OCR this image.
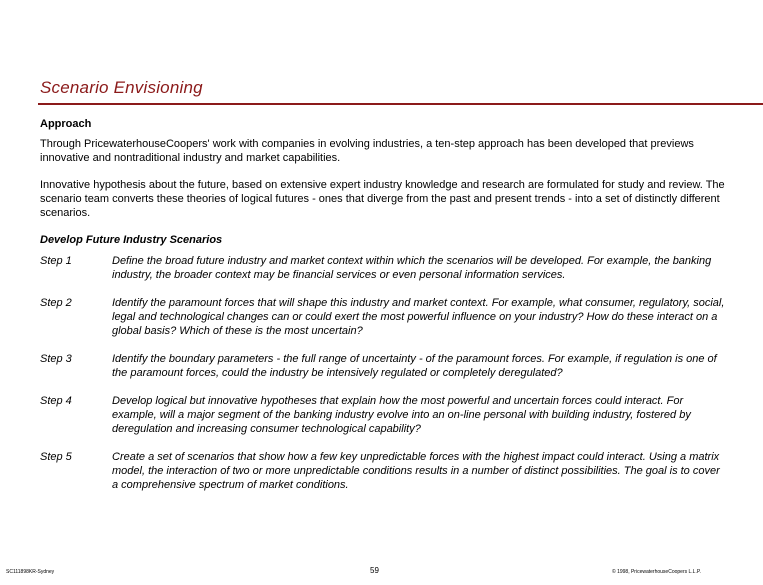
Scenario Envisioning
Approach

Through PricewaterhouseCoopers' work with companies in evolving industries, a ten-step approach has been developed that previews innovative and nontraditional industry and market capabilities.

Innovative hypothesis about the future, based on extensive expert industry knowledge and research are formulated for study and review. The scenario team converts these theories of logical futures - ones that diverge from the past and present trends - into a set of distinctly different scenarios.

Develop Future Industry Scenarios
Step 1	Define the broad future industry and market context within which the scenarios will be developed. For example, the banking industry, the broader context may be financial services or even personal information services.
Step 2	Identify the paramount forces that will shape this industry and market context. For example, what consumer, regulatory, social, legal and technological changes can or could exert the most powerful influence on your industry? How do these interact on a global basis? Which of these is the most uncertain?
Step 3	Identify the boundary parameters - the full range of uncertainty - of the paramount forces. For example, if regulation is one of the paramount forces, could the industry be intensively regulated or completely deregulated?
Step 4	Develop logical but innovative hypotheses that explain how the most powerful and uncertain forces could interact. For example, will a major segment of the banking industry evolve into an on-line personal with building industry, fostered by deregulation and increasing consumer technological capability?
Step 5	Create a set of scenarios that show how a few key unpredictable forces with the highest impact could interact. Using a matrix model, the interaction of two or more unpredictable conditions results in a number of distinct possibilities. The goal is to cover a comprehensive spectrum of market conditions.
SC111898KR-Sydney	59	© 1998, PricewaterhouseCoopers L.L.P.
